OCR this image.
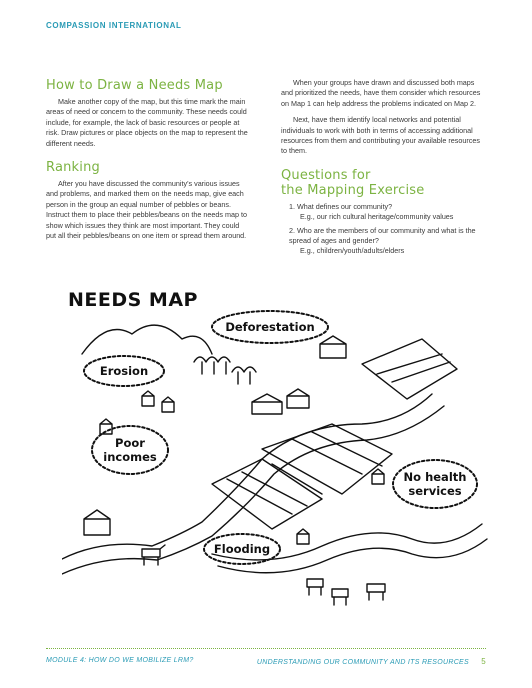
COMPASSION INTERNATIONAL
How to Draw a Needs Map

Make another copy of the map, but this time mark the main areas of need or concern to the community. These needs could include, for example, the lack of basic resources or people at risk. Draw pictures or place objects on the map to represent the different needs.

Ranking

After you have discussed the community’s various issues and problems, and marked them on the needs map, give each person in the group an equal number of pebbles or beans. Instruct them to place their pebbles/beans on the needs map to show which issues they think are most important. They could put all their pebbles/beans on one item or spread them around.

When your groups have drawn and discussed both maps and prioritized the needs, have them consider which resources on Map 1 can help address the problems indicated on Map 2.

Next, have them identify local networks and potential individuals to work with both in terms of accessing additional resources from them and contributing your available resources to them.

Questions for
the Mapping Exercise
1. What defines our community?
E.g., our rich cultural heritage/community values
2. Who are the members of our community and what is the spread of ages and gender?
E.g., children/youth/adults/elders
NEEDS MAP
Deforestation
Erosion
Poor
incomes
No health
services
Flooding
MODULE 4: HOW DO WE MOBILIZE LRM?	UNDERSTANDING OUR COMMUNITY AND ITS RESOURCES 5
